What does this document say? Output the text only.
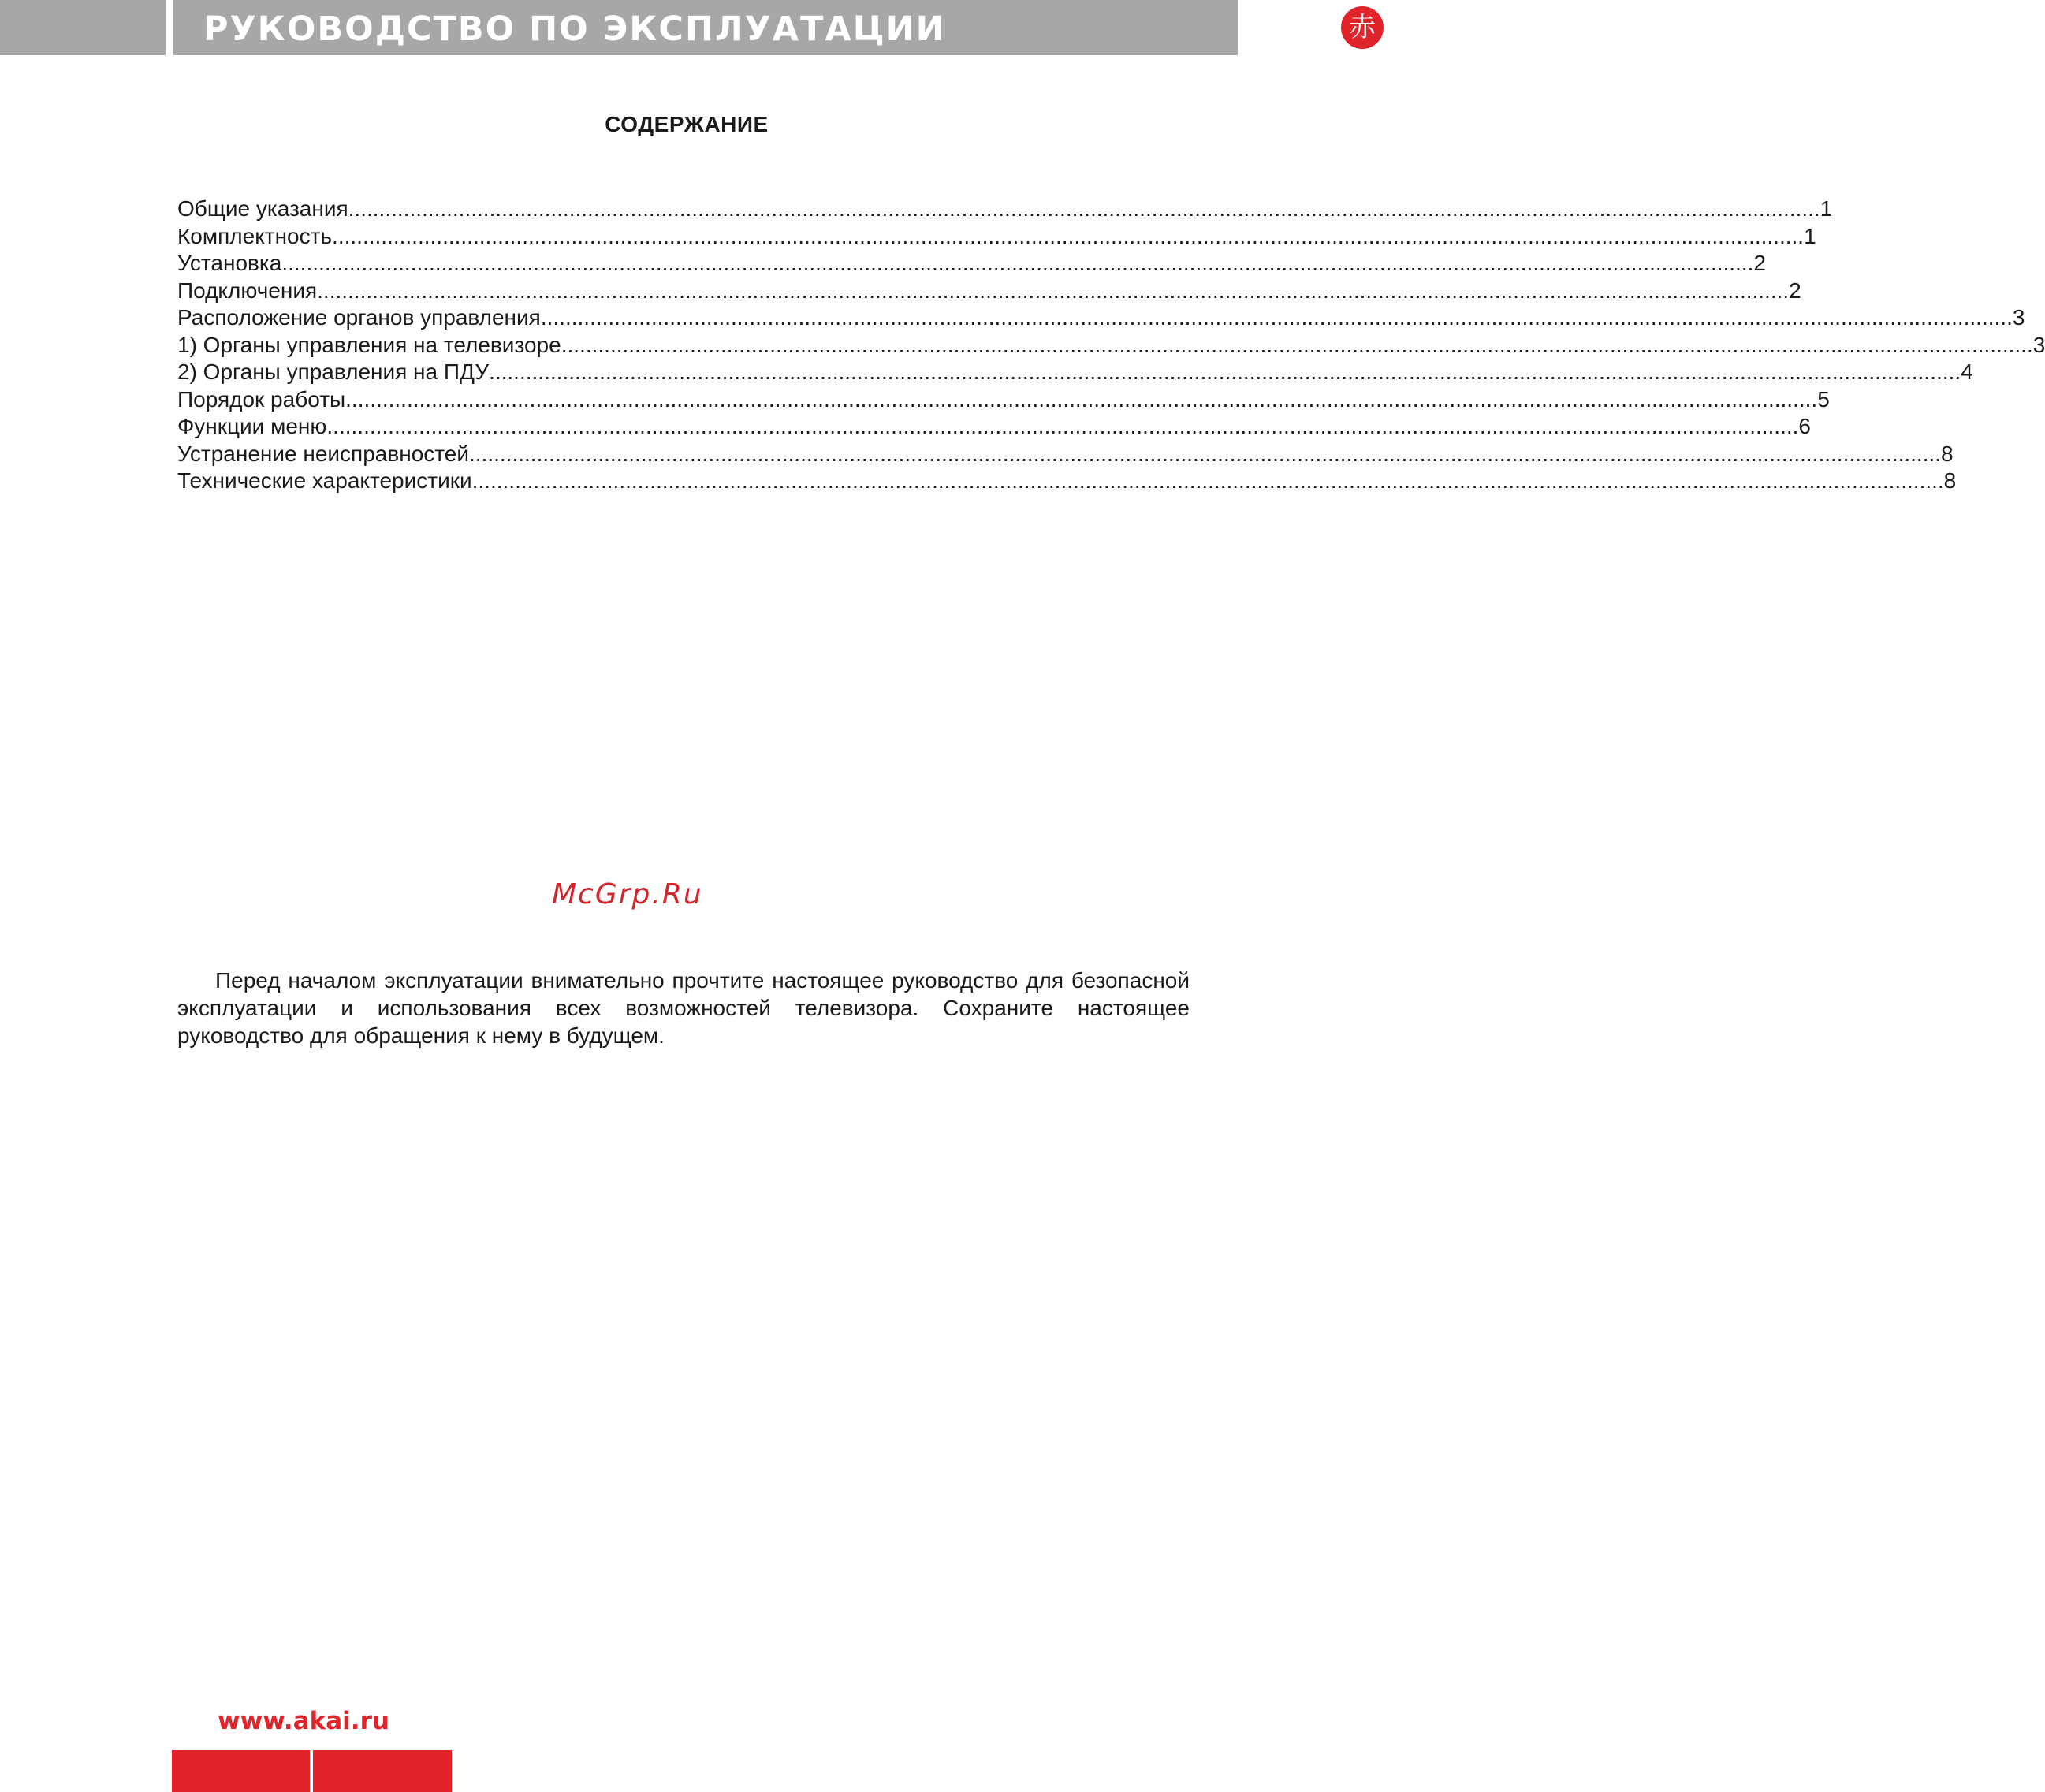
РУКОВОДСТВО ПО ЭКСПЛУАТАЦИИ	赤
СОДЕРЖАНИЕ
Общие указания .....	1
Комплектность .....	1
Установка .....	2
Подключения .....	2
Расположение органов управления .....	3
1) Органы управления на телевизоре .....	3
2) Органы управления на ПДУ .....	4
Порядок работы .....	5
Функции меню .....	6
Устранение неисправностей .....	8
Технические характеристики .....	8
McGrp.Ru

Перед началом эксплуатации внимательно прочтите настоящее руководство для безопасной эксплуатации и использования всех возможностей телевизора. Сохраните настоящее руководство для обращения к нему в будущем.

www.akai.ru
